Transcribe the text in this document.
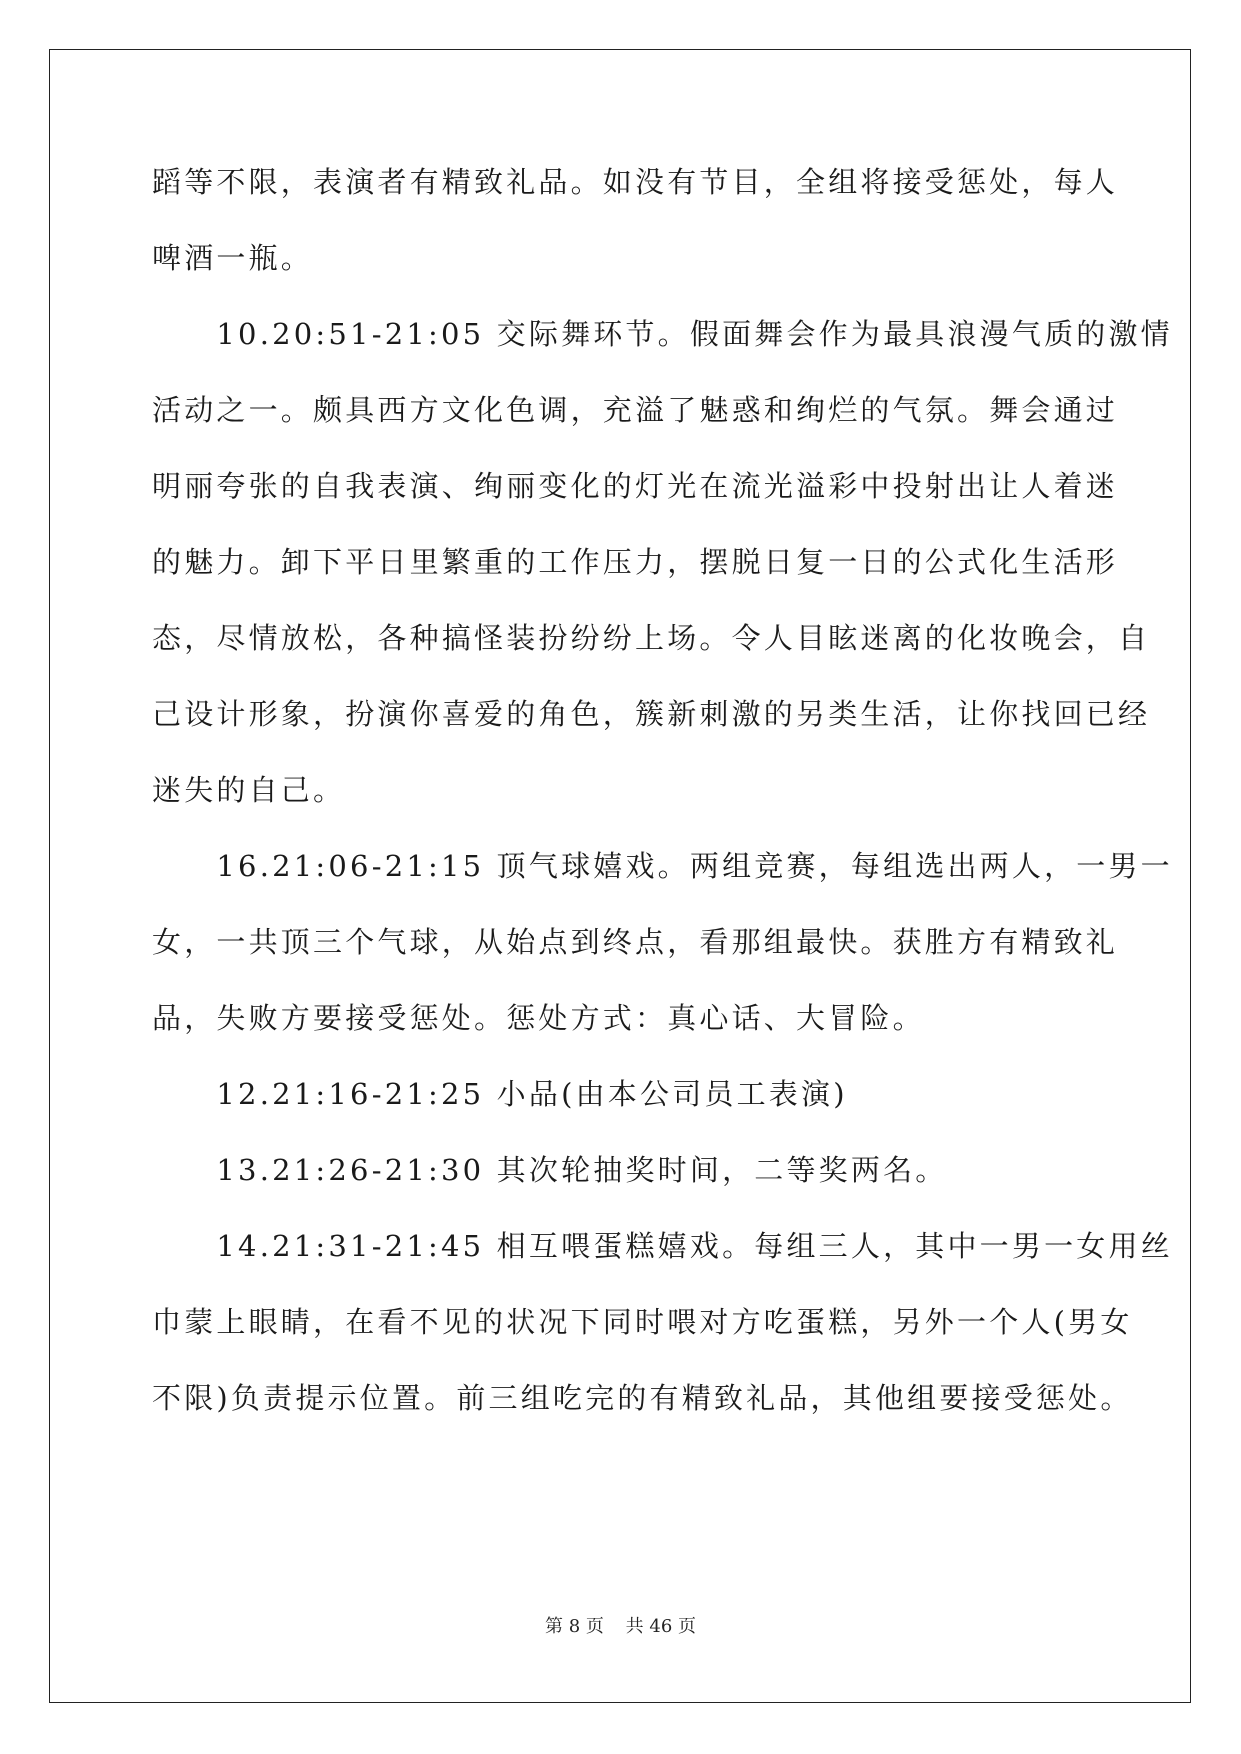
蹈等不限，表演者有精致礼品。如没有节目，全组将接受惩处，每人
啤酒一瓶。
　　10.20:51-21:05 交际舞环节。假面舞会作为最具浪漫气质的激情
活动之一。颇具西方文化色调，充溢了魅惑和绚烂的气氛。舞会通过
明丽夸张的自我表演、绚丽变化的灯光在流光溢彩中投射出让人着迷
的魅力。卸下平日里繁重的工作压力，摆脱日复一日的公式化生活形
态，尽情放松，各种搞怪装扮纷纷上场。令人目眩迷离的化妆晚会，自
己设计形象，扮演你喜爱的角色，簇新刺激的另类生活，让你找回已经
迷失的自己。
　　16.21:06-21:15 顶气球嬉戏。两组竞赛，每组选出两人，一男一
女，一共顶三个气球，从始点到终点，看那组最快。获胜方有精致礼
品，失败方要接受惩处。惩处方式：真心话、大冒险。
　　12.21:16-21:25 小品(由本公司员工表演)
　　13.21:26-21:30 其次轮抽奖时间，二等奖两名。
　　14.21:31-21:45 相互喂蛋糕嬉戏。每组三人，其中一男一女用丝
巾蒙上眼睛，在看不见的状况下同时喂对方吃蛋糕，另外一个人(男女
不限)负责提示位置。前三组吃完的有精致礼品，其他组要接受惩处。
第 8 页 共 46 页
